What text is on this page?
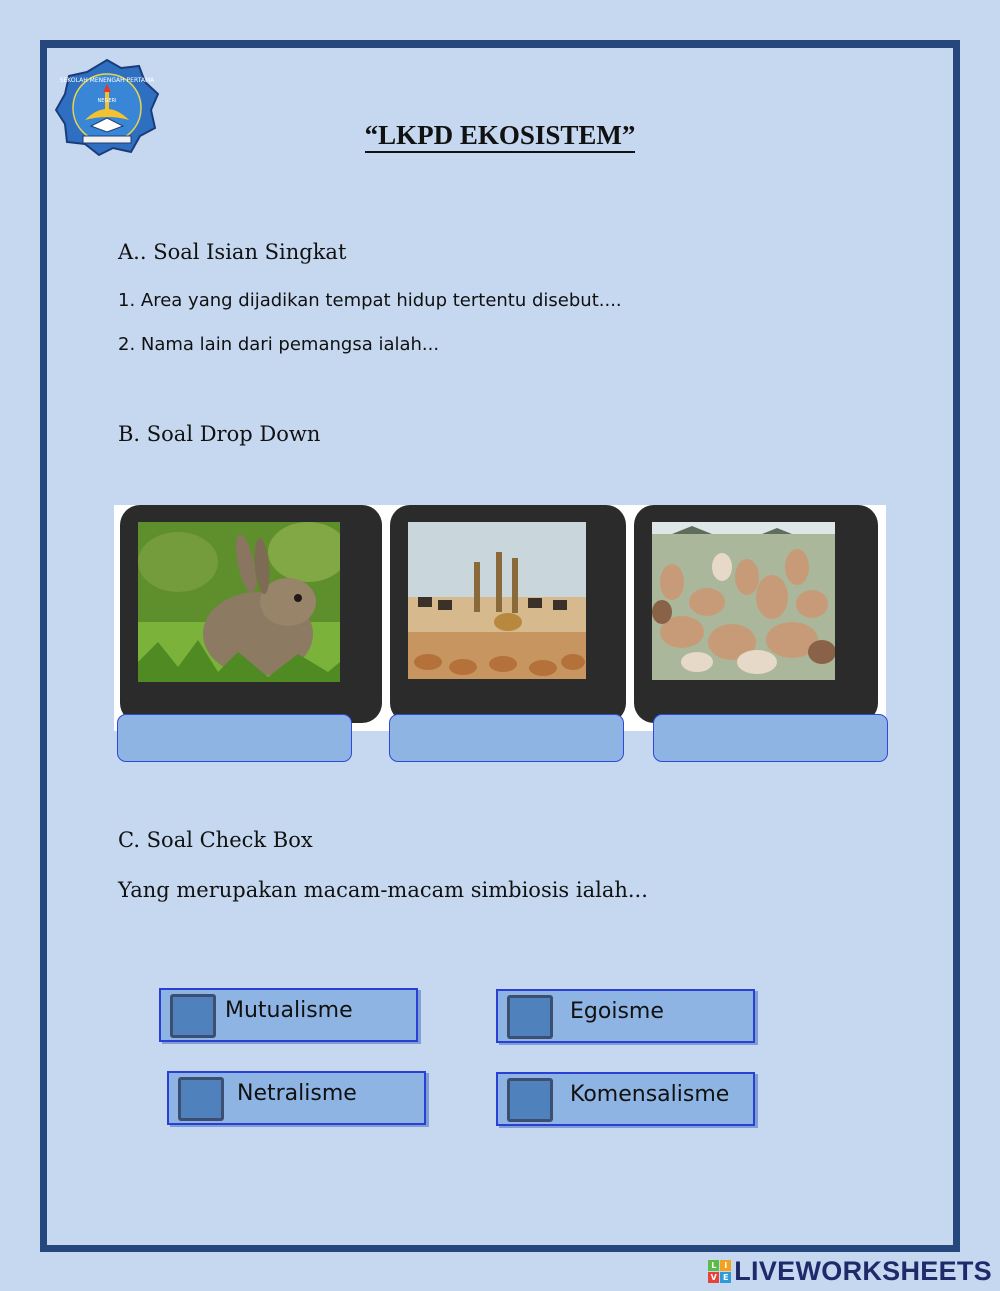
SEKOLAH MENENGAH PERTAMA
NEGERI
“LKPD EKOSISTEM”
A.. Soal Isian Singkat
1. Area yang dijadikan tempat hidup tertentu disebut....
2. Nama lain dari pemangsa ialah...
B. Soal Drop Down
C. Soal Check Box
Yang merupakan macam-macam simbiosis ialah...
Mutualisme	Egoisme
Netralisme	Komensalisme
L I
V E LIVEWORKSHEETS
